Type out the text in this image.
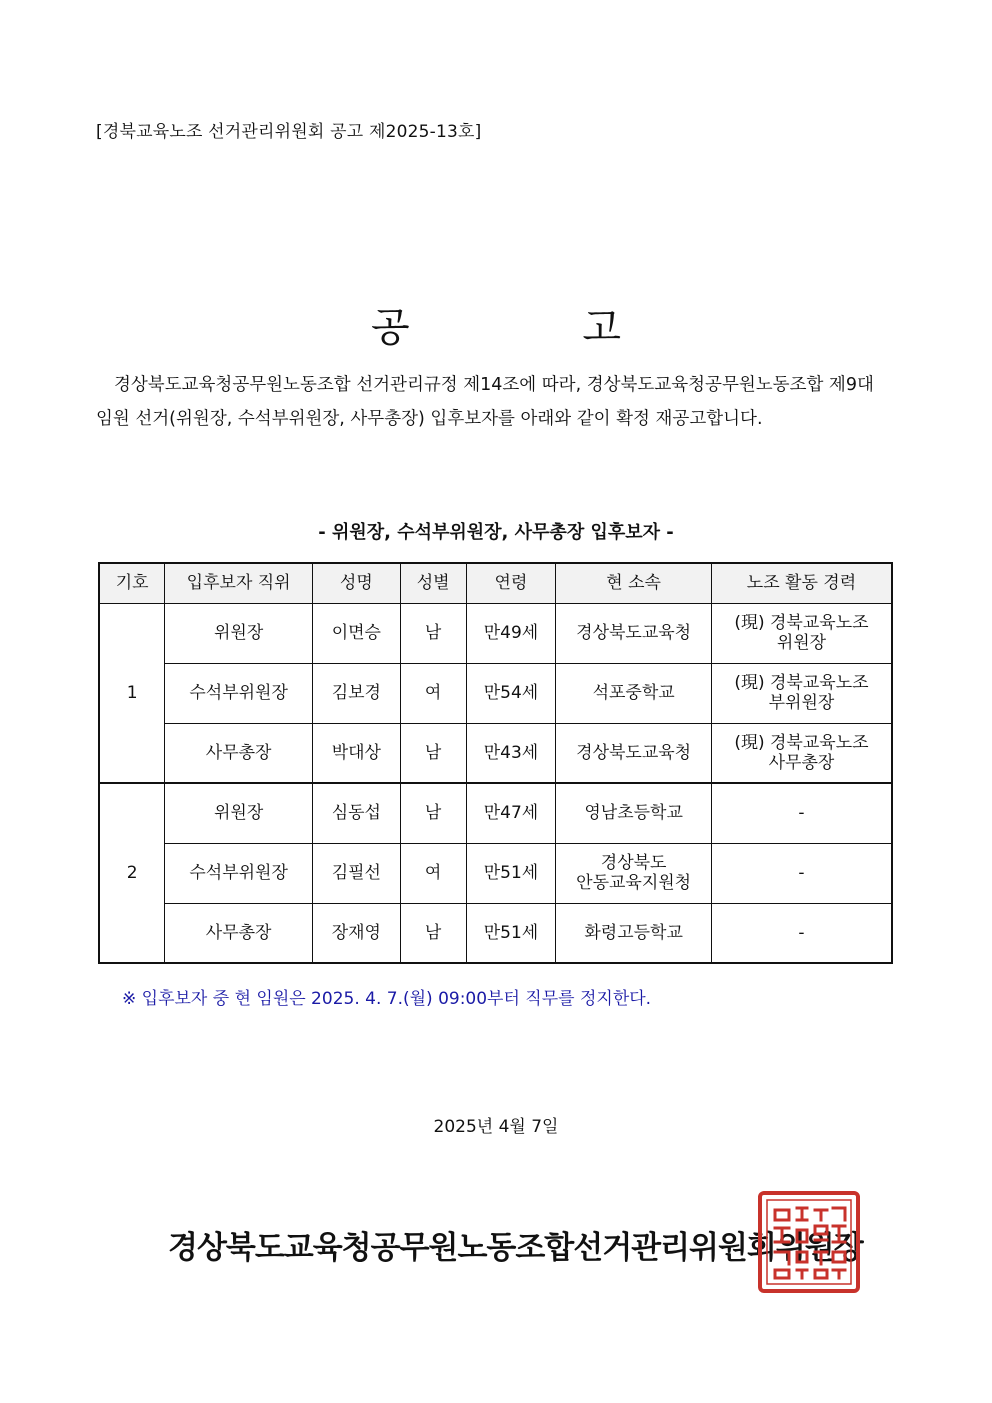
[경북교육노조 선거관리위원회 공고 제2025-13호]
공 고
경상북도교육청공무원노동조합 선거관리규정 제14조에 따라, 경상북도교육청공무원노동조합 제9대
임원 선거(위원장, 수석부위원장, 사무총장) 입후보자를 아래와 같이 확정 재공고합니다.
- 위원장, 수석부위원장, 사무총장 입후보자 -
기호	입후보자 직위	성명	성별	연령	현 소속	노조 활동 경력
1	위원장	이면승	남	만49세	경상북도교육청	(現) 경북교육노조
위원장

	수석부위원장	김보경	여	만54세	석포중학교	(現) 경북교육노조
부위원장

	사무총장	박대상	남	만43세	경상북도교육청	(現) 경북교육노조
사무총장

2	위원장	심동섭	남	만47세	영남초등학교	-
	수석부위원장	김필선	여	만51세	경상북도
안동교육지원청	-
	사무총장	장재영	남	만51세	화령고등학교	-
※ 입후보자 중 현 임원은 2025. 4. 7.(월) 09:00부터 직무를 정지한다.
2025년 4월 7일
경상북도교육청공무원노동조합선거관리위원회위원장
